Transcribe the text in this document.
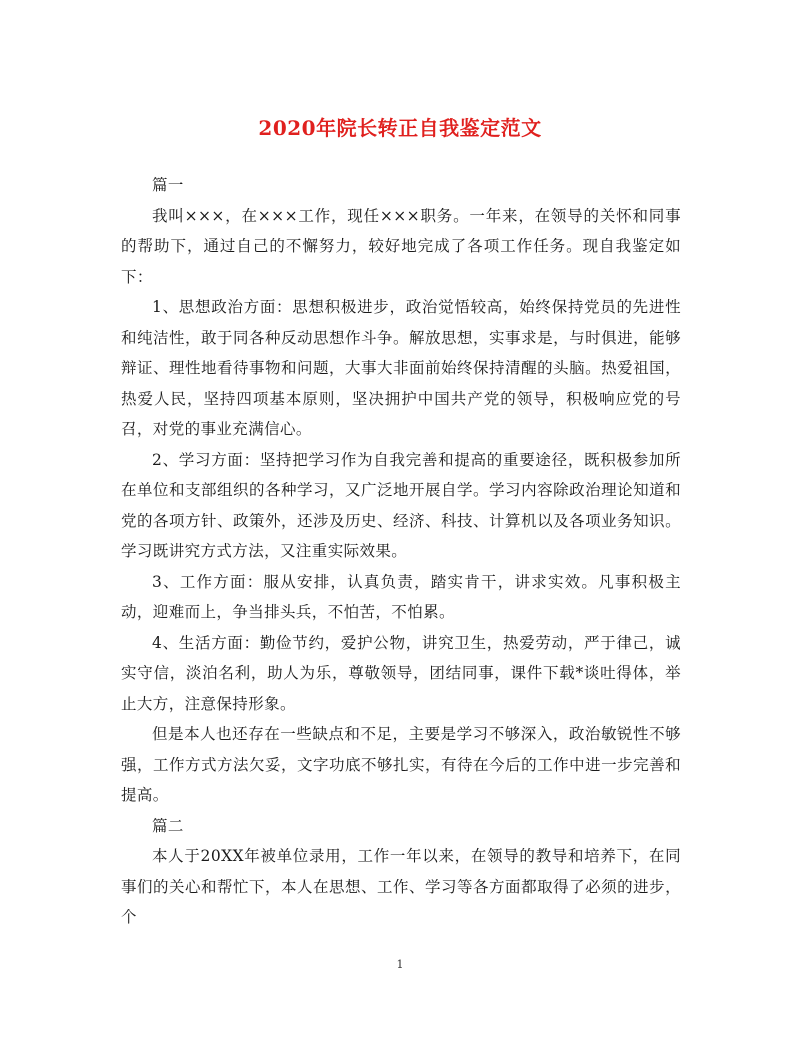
2020年院长转正自我鉴定范文

篇一

我叫×××，在×××工作，现任×××职务。一年来，在领导的关怀和同事的帮助下，通过自己的不懈努力，较好地完成了各项工作任务。现自我鉴定如下：

1、思想政治方面：思想积极进步，政治觉悟较高，始终保持党员的先进性和纯洁性，敢于同各种反动思想作斗争。解放思想，实事求是，与时俱进，能够辩证、理性地看待事物和问题，大事大非面前始终保持清醒的头脑。热爱祖国，热爱人民，坚持四项基本原则，坚决拥护中国共产党的领导，积极响应党的号召，对党的事业充满信心。

2、学习方面：坚持把学习作为自我完善和提高的重要途径，既积极参加所在单位和支部组织的各种学习，又广泛地开展自学。学习内容除政治理论知道和党的各项方针、政策外，还涉及历史、经济、科技、计算机以及各项业务知识。学习既讲究方式方法，又注重实际效果。

3、工作方面：服从安排，认真负责，踏实肯干，讲求实效。凡事积极主动，迎难而上，争当排头兵，不怕苦，不怕累。

4、生活方面：勤俭节约，爱护公物，讲究卫生，热爱劳动，严于律己，诚实守信，淡泊名利，助人为乐，尊敬领导，团结同事，课件下载*谈吐得体，举止大方，注意保持形象。

但是本人也还存在一些缺点和不足，主要是学习不够深入，政治敏锐性不够强，工作方式方法欠妥，文字功底不够扎实，有待在今后的工作中进一步完善和提高。

篇二

本人于20XX年被单位录用，工作一年以来，在领导的教导和培养下，在同事们的关心和帮忙下，本人在思想、工作、学习等各方面都取得了必须的进步，个

1
